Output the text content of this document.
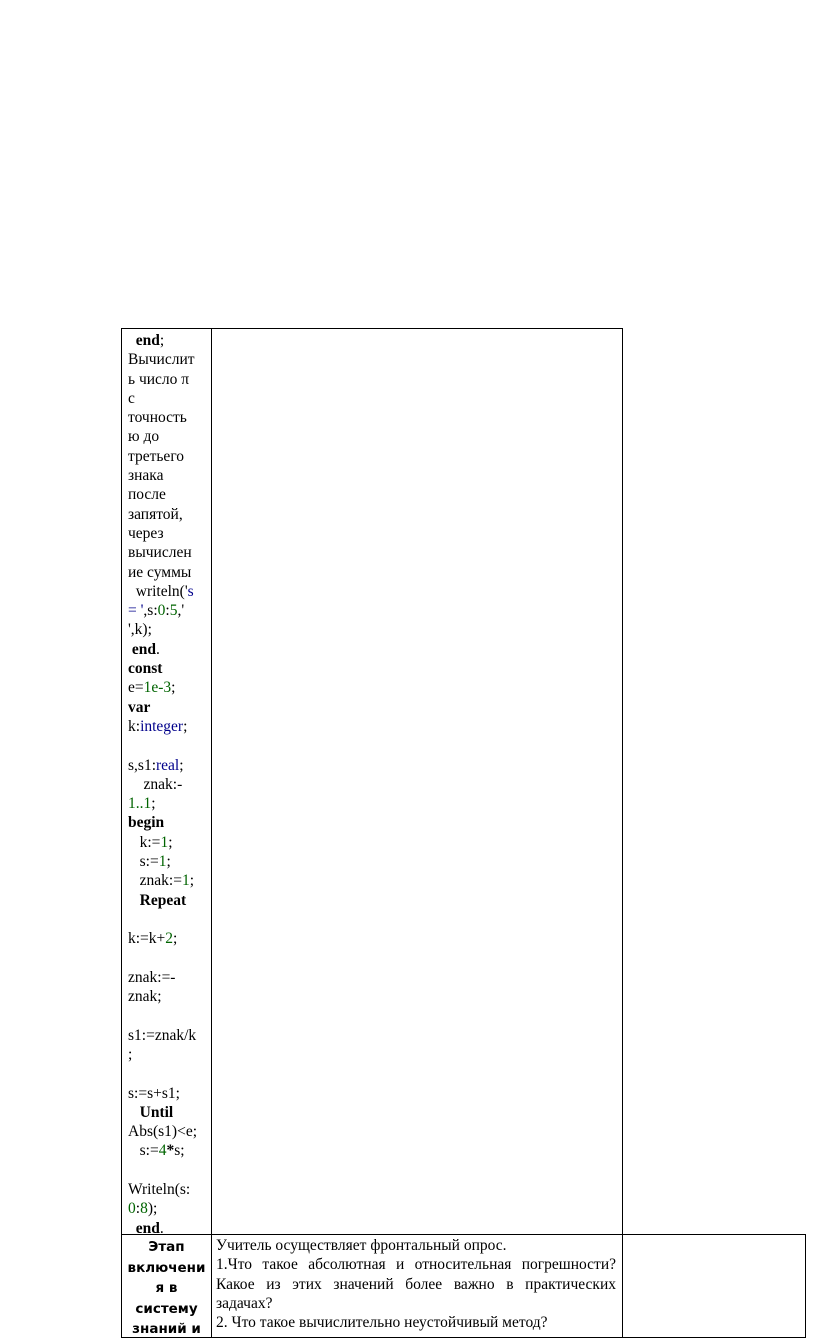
end;
Вычислит
ь число π
с
точность
ю до
третьего
знака
после
запятой,
через
вычислен
ие суммы
writeln('s
= ',s:0:5,'
',k);
end.
const
e=1e-3;
var
k:integer;
s,s1:real;
znak:-
1..1;
begin
k:=1;
s:=1;
znak:=1;
Repeat
k:=k+2;
znak:=-
znak;
s1:=znak/k
;
s:=s+s1;
Until
Abs(s1)<e;
s:=4*s;
Writeln(s:
0:8);
end.
Этап
включени
я в
систему
знаний и
Учитель осуществляет фронтальный опрос.
1.Что такое абсолютная и относительная погрешности? Какое из этих значений более важно в практических задачах?
2. Что такое вычислительно неустойчивый метод?
